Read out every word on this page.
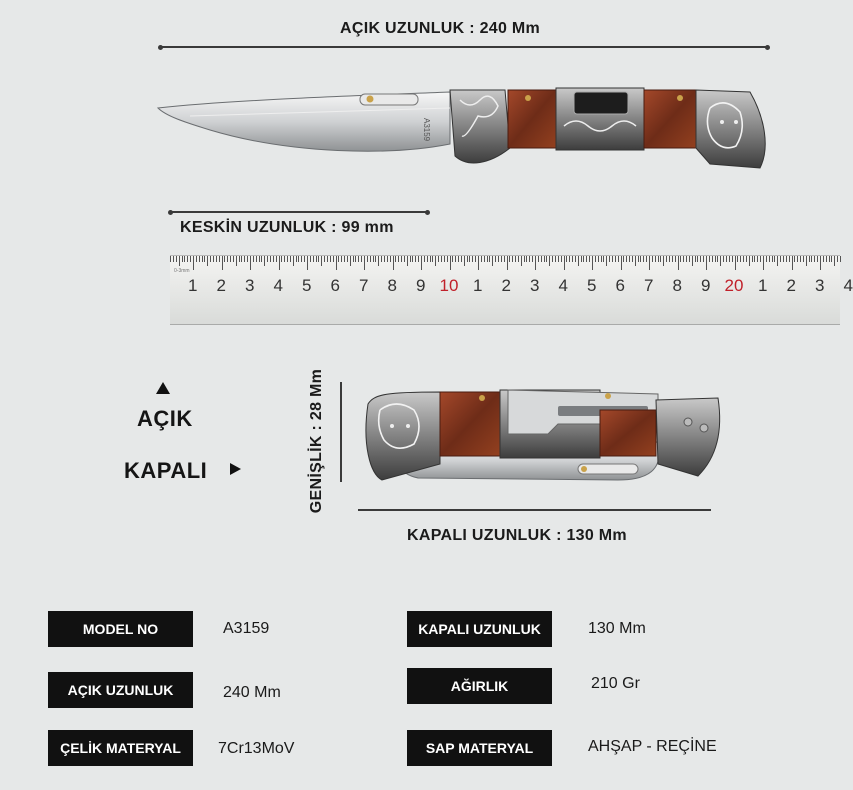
AÇIK UZUNLUK : 240 Mm
A3159
KESKİN UZUNLUK : 99 mm
1 2 3 4 5 6 7 8 9 10 1 2 3 4 5 6 7 8 9 20 1 2 3 4
0-3mm
AÇIK
KAPALI	GENİŞLİK : 28 Mm
KAPALI UZUNLUK : 130 Mm
MODEL NO	A3159	KAPALI UZUNLUK	130 Mm
AÇIK UZUNLUK	240 Mm	AĞIRLIK	210 Gr
ÇELİK MATERYAL	7Cr13MoV	SAP MATERYAL	AHŞAP - REÇİNE
